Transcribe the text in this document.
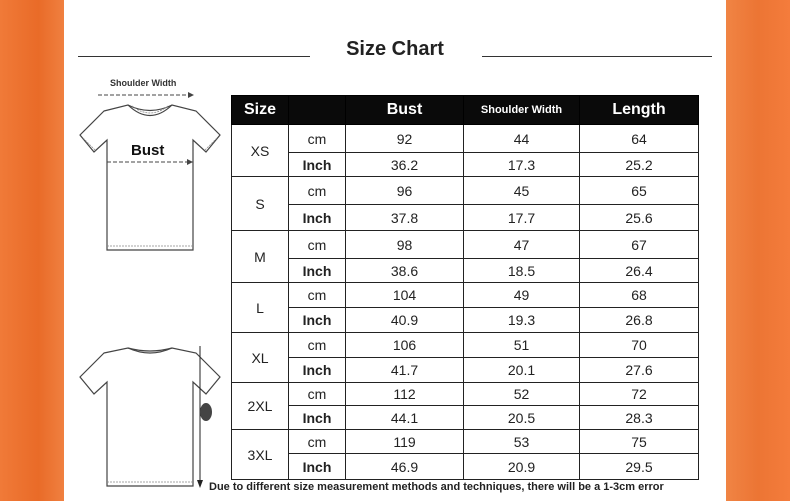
Size Chart
Shoulder Width
Bust
Size		Bust	Shoulder Width	Length
XS	cm	92	44	64
	Inch	36.2	17.3	25.2
S	cm	96	45	65
	Inch	37.8	17.7	25.6
M	cm	98	47	67
	Inch	38.6	18.5	26.4
L	cm	104	49	68
	Inch	40.9	19.3	26.8
XL	cm	106	51	70
	Inch	41.7	20.1	27.6
2XL	cm	112	52	72
	Inch	44.1	20.5	28.3
3XL	cm	119	53	75
	Inch	46.9	20.9	29.5
Due to different size measurement methods and techniques, there will be a 1-3cm error
